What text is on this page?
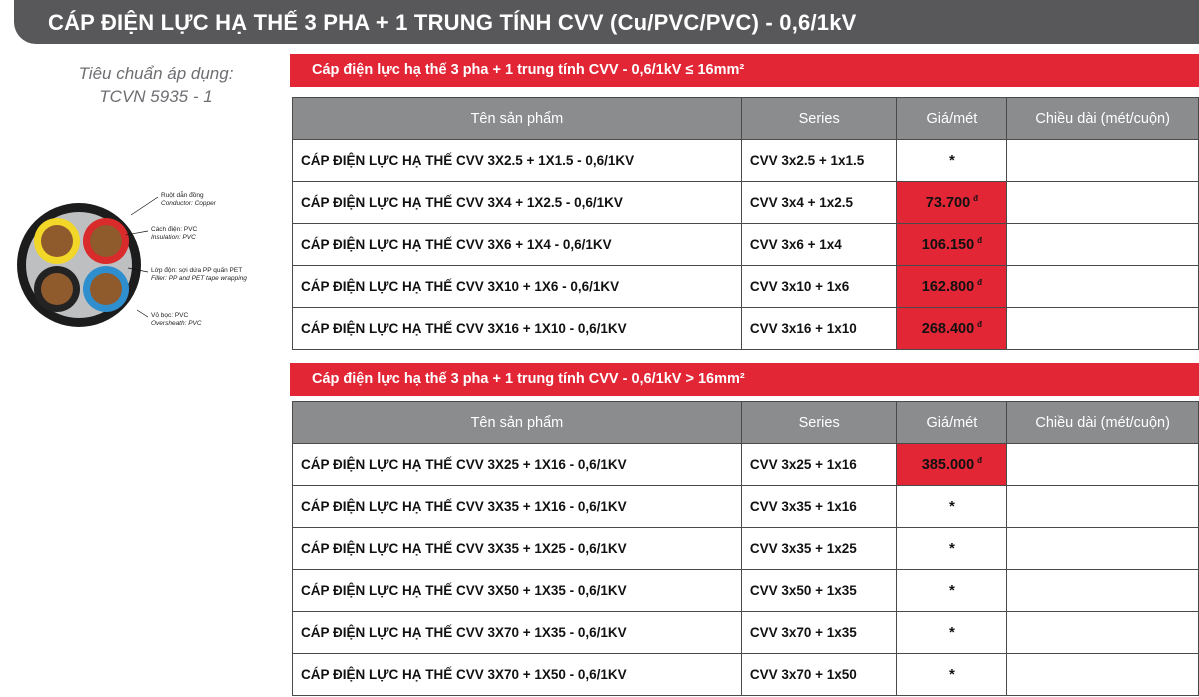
CÁP ĐIỆN LỰC HẠ THẾ 3 PHA + 1 TRUNG TÍNH CVV (Cu/PVC/PVC) - 0,6/1kV
Tiêu chuẩn áp dụng:
TCVN 5935 - 1
Ruột dẫn đồng
Conductor: Copper
Cách điện: PVC
Insulation: PVC
Lớp độn: sợi dứa PP quấn PET
Filler: PP and PET tape wrapping
Vỏ bọc: PVC
Oversheath: PVC
Cáp điện lực hạ thế 3 pha + 1 trung tính CVV - 0,6/1kV ≤ 16mm²
Tên sản phẩm	Series	Giá/mét	Chiều dài (mét/cuộn)
CÁP ĐIỆN LỰC HẠ THẾ CVV 3X2.5 + 1X1.5 - 0,6/1KV	CVV 3x2.5 + 1x1.5	*	
CÁP ĐIỆN LỰC HẠ THẾ CVV 3X4 + 1X2.5 - 0,6/1KV	CVV 3x4 + 1x2.5	73.700 $^đ$	
CÁP ĐIỆN LỰC HẠ THẾ CVV 3X6 + 1X4 - 0,6/1KV	CVV 3x6 + 1x4	106.150 $^đ$	
CÁP ĐIỆN LỰC HẠ THẾ CVV 3X10 + 1X6 - 0,6/1KV	CVV 3x10 + 1x6	162.800 $^đ$	
CÁP ĐIỆN LỰC HẠ THẾ CVV 3X16 + 1X10 - 0,6/1KV	CVV 3x16 + 1x10	268.400 $^đ$	
Cáp điện lực hạ thế 3 pha + 1 trung tính CVV - 0,6/1kV > 16mm²
Tên sản phẩm	Series	Giá/mét	Chiều dài (mét/cuộn)
CÁP ĐIỆN LỰC HẠ THẾ CVV 3X25 + 1X16 - 0,6/1KV	CVV 3x25 + 1x16	385.000 $^đ$	
CÁP ĐIỆN LỰC HẠ THẾ CVV 3X35 + 1X16 - 0,6/1KV	CVV 3x35 + 1x16	*	
CÁP ĐIỆN LỰC HẠ THẾ CVV 3X35 + 1X25 - 0,6/1KV	CVV 3x35 + 1x25	*	
CÁP ĐIỆN LỰC HẠ THẾ CVV 3X50 + 1X35 - 0,6/1KV	CVV 3x50 + 1x35	*	
CÁP ĐIỆN LỰC HẠ THẾ CVV 3X70 + 1X35 - 0,6/1KV	CVV 3x70 + 1x35	*	
CÁP ĐIỆN LỰC HẠ THẾ CVV 3X70 + 1X50 - 0,6/1KV	CVV 3x70 + 1x50	*	
